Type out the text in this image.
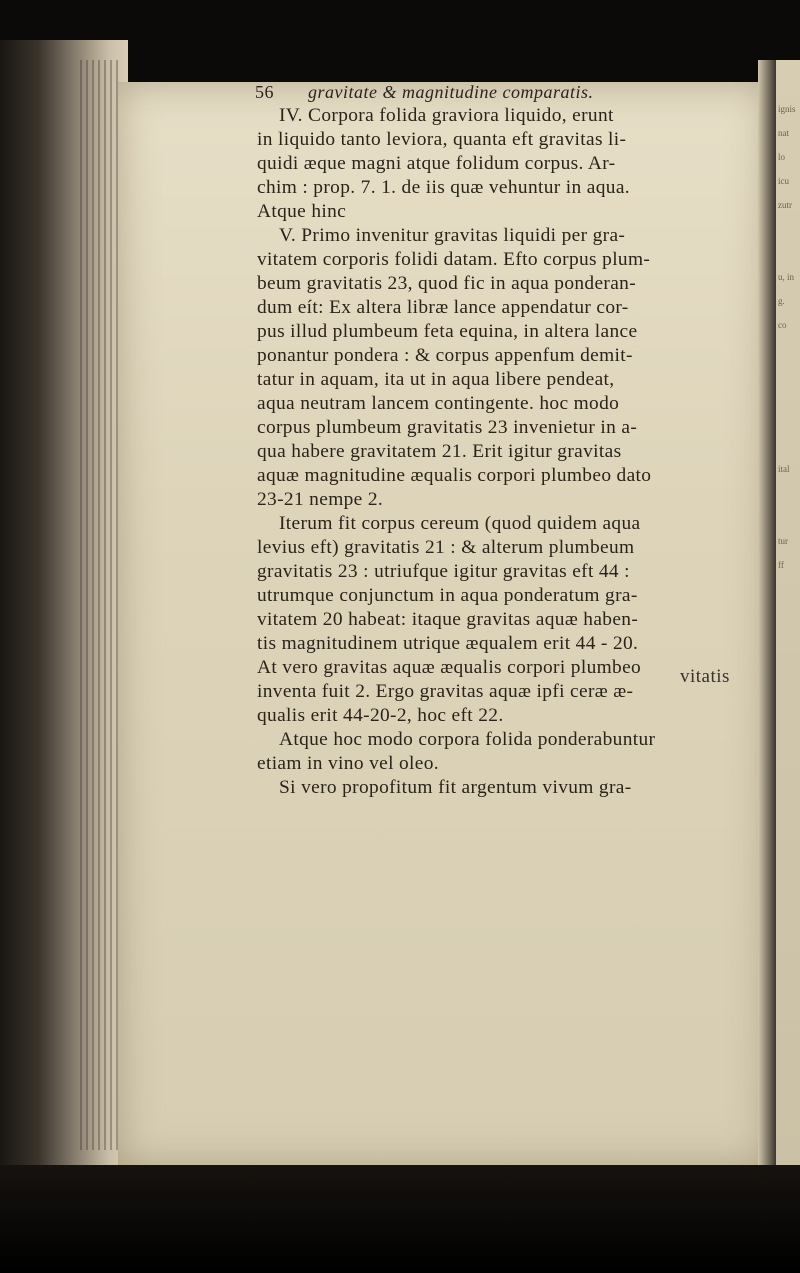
ignis
nat
lo
icu
zutr
u, in
g.
co
ital
tur
ff
56 gravitate & magnitudine comparatis.
IV. Corpora folida graviora liquido, erunt
in liquido tanto leviora, quanta eft gravitas li-
quidi æque magni atque folidum corpus. Ar-
chim : prop. 7. 1. de iis quæ vehuntur in aqua.
Atque hinc
V. Primo invenitur gravitas liquidi per gra-
vitatem corporis folidi datam. Efto corpus plum-
beum gravitatis 23, quod fic in aqua ponderan-
dum eít: Ex altera libræ lance appendatur cor-
pus illud plumbeum feta equina, in altera lance
ponantur pondera : & corpus appenfum demit-
tatur in aquam, ita ut in aqua libere pendeat,
aqua neutram lancem contingente. hoc modo
corpus plumbeum gravitatis 23 invenietur in a-
qua habere gravitatem 21. Erit igitur gravitas
aquæ magnitudine æqualis corpori plumbeo dato
23-21 nempe 2.
Iterum fit corpus cereum (quod quidem aqua
levius eft) gravitatis 21 : & alterum plumbeum
gravitatis 23 : utriufque igitur gravitas eft 44 :
utrumque conjunctum in aqua ponderatum gra-
vitatem 20 habeat: itaque gravitas aquæ haben-
tis magnitudinem utrique æqualem erit 44 - 20.
At vero gravitas aquæ æqualis corpori plumbeo
inventa fuit 2. Ergo gravitas aquæ ipfi ceræ æ-
qualis erit 44-20-2, hoc eft 22.
Atque hoc modo corpora folida ponderabuntur
etiam in vino vel oleo.
Si vero propofitum fit argentum vivum gra-
vitatis
